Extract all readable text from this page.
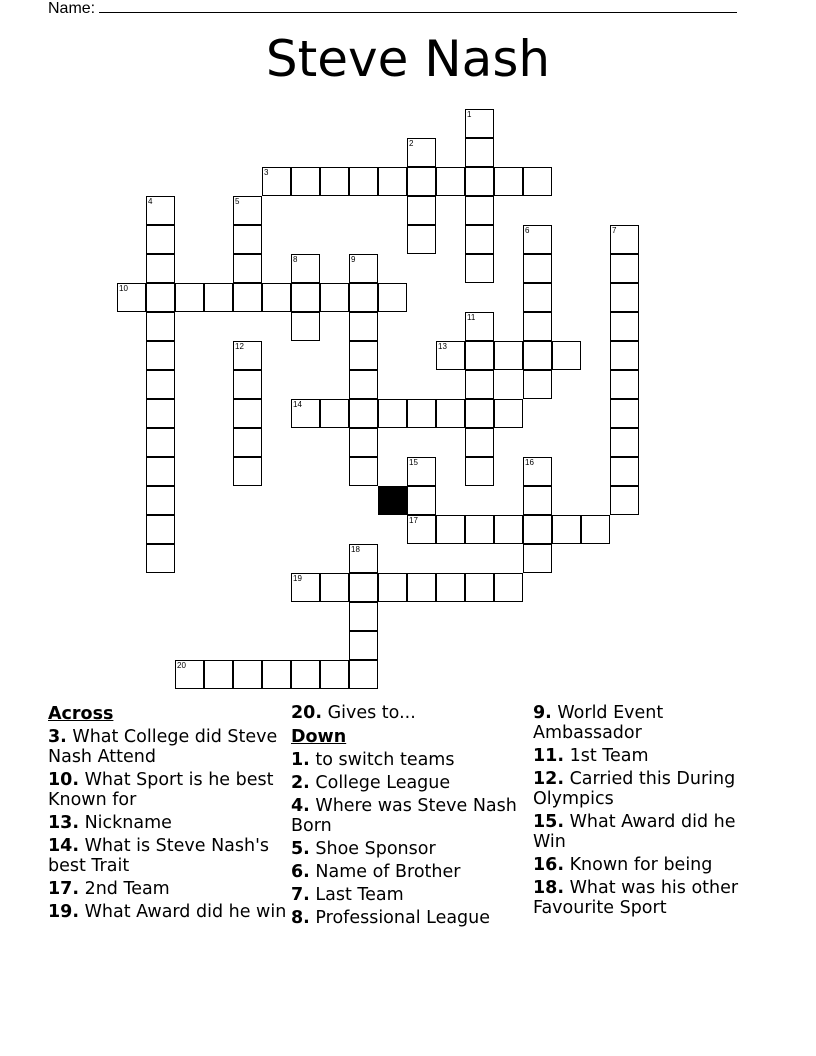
Name:
Steve Nash
1
2
3
4	5
6	7
8	9
10
11
12	13
14
15
17
16
18
19
20
Across
3. What College did Steve Nash Attend
10. What Sport is he best Known for
13. Nickname
14. What is Steve Nash's best Trait
17. 2nd Team
19. What Award did he win
20. Gives to...
Down
1. to switch teams
2. College League
4. Where was Steve Nash Born
5. Shoe Sponsor
6. Name of Brother
7. Last Team
8. Professional League
9. World Event Ambassador
11. 1st Team
12. Carried this During Olympics
15. What Award did he Win
16. Known for being
18. What was his other Favourite Sport
